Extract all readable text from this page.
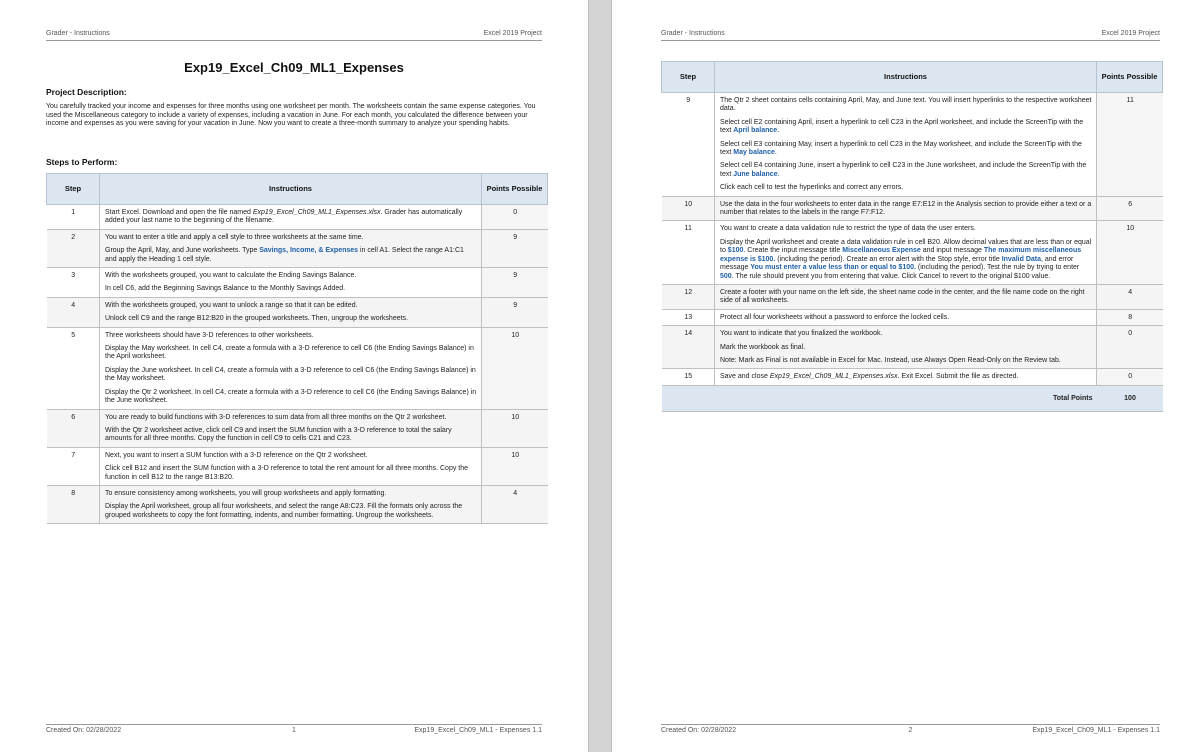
Grader - Instructions	Excel 2019 Project
Exp19_Excel_Ch09_ML1_Expenses
Project Description:
You carefully tracked your income and expenses for three months using one worksheet per month. The worksheets contain the same expense categories. You used the Miscellaneous category to include a variety of expenses, including a vacation in June. For each month, you calculated the difference between your income and expenses as you were saving for your vacation in June. Now you want to create a three-month summary to analyze your spending habits.
Steps to Perform:
Step	Instructions	Points Possible
1	Start Excel. Download and open the file named Exp19_Excel_Ch09_ML1_Expenses.xlsx. Grader has automatically added your last name to the beginning of the filename.	0
2	You want to enter a title and apply a cell style to three worksheets at the same time.

Group the April, May, and June worksheets. Type Savings, Income, & Expenses in cell A1. Select the range A1:C1 and apply the Heading 1 cell style.	9
3	With the worksheets grouped, you want to calculate the Ending Savings Balance.

In cell C6, add the Beginning Savings Balance to the Monthly Savings Added.	9
4	With the worksheets grouped, you want to unlock a range so that it can be edited.

Unlock cell C9 and the range B12:B20 in the grouped worksheets. Then, ungroup the worksheets.	9
5	Three worksheets should have 3-D references to other worksheets.

Display the May worksheet. In cell C4, create a formula with a 3-D reference to cell C6 (the Ending Savings Balance) in the April worksheet.

Display the June worksheet. In cell C4, create a formula with a 3-D reference to cell C6 (the Ending Savings Balance) in the May worksheet.

Display the Qtr 2 worksheet. In cell C4, create a formula with a 3-D reference to cell C6 (the Ending Savings Balance) in the June worksheet.	10
6	You are ready to build functions with 3-D references to sum data from all three months on the Qtr 2 worksheet.

With the Qtr 2 worksheet active, click cell C9 and insert the SUM function with a 3-D reference to total the salary amounts for all three months. Copy the function in cell C9 to cells C21 and C23.	10
7	Next, you want to insert a SUM function with a 3-D reference on the Qtr 2 worksheet.

Click cell B12 and insert the SUM function with a 3-D reference to total the rent amount for all three months. Copy the function in cell B12 to the range B13:B20.	10
8	To ensure consistency among worksheets, you will group worksheets and apply formatting.

Display the April worksheet, group all four worksheets, and select the range A8:C23. Fill the formats only across the grouped worksheets to copy the font formatting, indents, and number formatting. Ungroup the worksheets.	4
Created On: 02/28/2022	1	Exp19_Excel_Ch09_ML1 - Expenses 1.1
Grader - Instructions	Excel 2019 Project
Step	Instructions	Points Possible
9	The Qtr 2 sheet contains cells containing April, May, and June text. You will insert hyperlinks to the respective worksheet data.

Select cell E2 containing April, insert a hyperlink to cell C23 in the April worksheet, and include the ScreenTip with the text April balance.

Select cell E3 containing May, insert a hyperlink to cell C23 in the May worksheet, and include the ScreenTip with the text May balance.

Select cell E4 containing June, insert a hyperlink to cell C23 in the June worksheet, and include the ScreenTip with the text June balance.

Click each cell to test the hyperlinks and correct any errors.	11
10	Use the data in the four worksheets to enter data in the range E7:E12 in the Analysis section to provide either a text or a number that relates to the labels in the range F7:F12.	6
11	You want to create a data validation rule to restrict the type of data the user enters.

Display the April worksheet and create a data validation rule in cell B20. Allow decimal values that are less than or equal to $100. Create the input message title Miscellaneous Expense and input message The maximum miscellaneous expense is $100. (including the period). Create an error alert with the Stop style, error title Invalid Data, and error message You must enter a value less than or equal to $100. (including the period). Test the rule by trying to enter 500. The rule should prevent you from entering that value. Click Cancel to revert to the original $100 value.	10
12	Create a footer with your name on the left side, the sheet name code in the center, and the file name code on the right side of all worksheets.	4
13	Protect all four worksheets without a password to enforce the locked cells.	8
14	You want to indicate that you finalized the workbook.

Mark the workbook as final.

Note: Mark as Final is not available in Excel for Mac. Instead, use Always Open Read-Only on the Review tab.	0
15	Save and close Exp19_Excel_Ch09_ML1_Expenses.xlsx. Exit Excel. Submit the file as directed.	0
	Total Points	100
Created On: 02/28/2022	2	Exp19_Excel_Ch09_ML1 - Expenses 1.1
